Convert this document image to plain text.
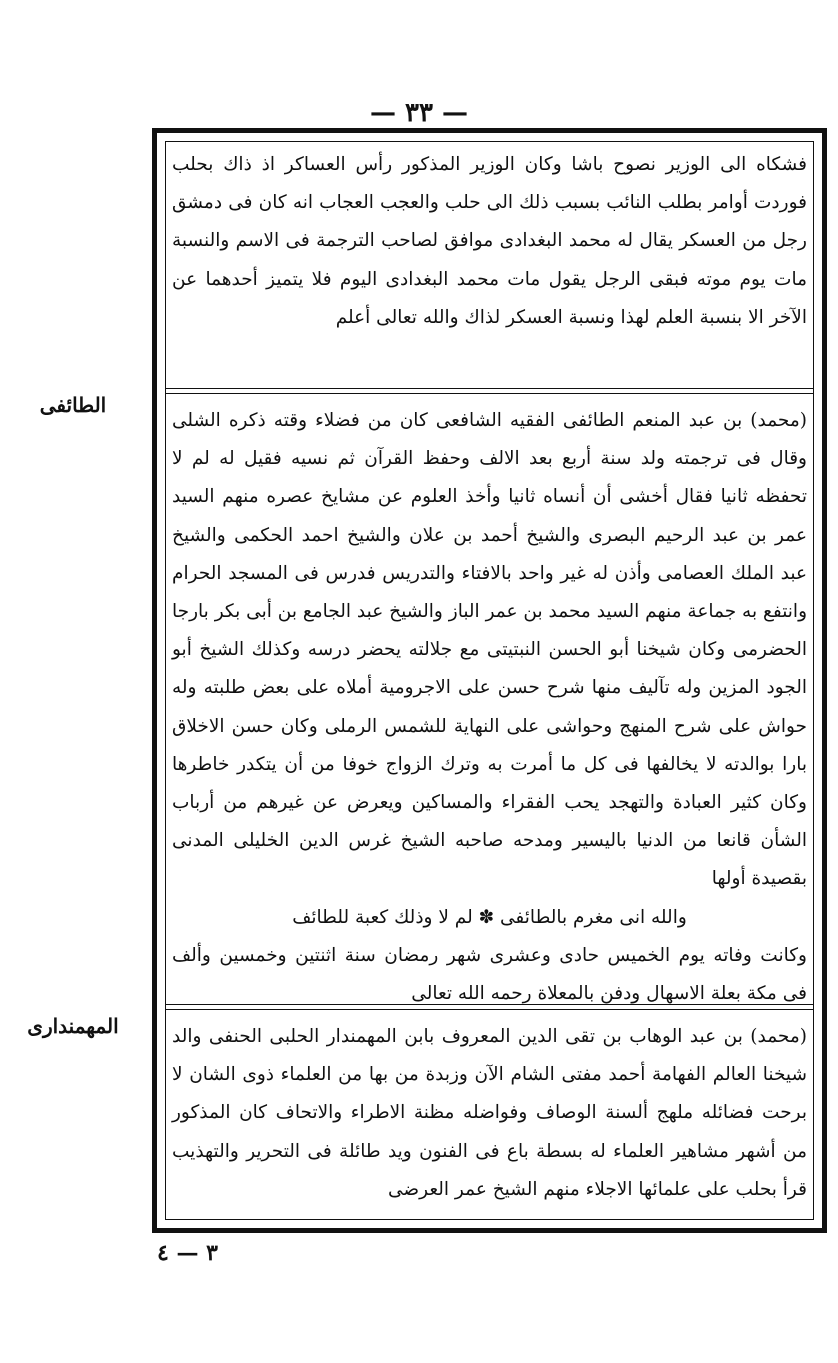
— ٣٣ —

فشكاه الى الوزير نصوح باشا وكان الوزير المذكور رأس العساكر اذ ذاك بحلب فوردت أوامر بطلب النائب بسبب ذلك الى حلب والعجب العجاب انه كان فى دمشق رجل من العسكر يقال له محمد البغدادى موافق لصاحب الترجمة فى الاسم والنسبة مات يوم موته فبقى الرجل يقول مات محمد البغدادى اليوم فلا يتميز أحدهما عن الآخر الا بنسبة العلم لهذا ونسبة العسكر لذاك والله تعالى أعلم

(محمد) بن عبد المنعم الطائفى الفقيه الشافعى كان من فضلاء وقته ذكره الشلى وقال فى ترجمته ولد سنة أربع بعد الالف وحفظ القرآن ثم نسيه فقيل له لم لا تحفظه ثانيا فقال أخشى أن أنساه ثانيا وأخذ العلوم عن مشايخ عصره منهم السيد عمر بن عبد الرحيم البصرى والشيخ أحمد بن علان والشيخ احمد الحكمى والشيخ عبد الملك العصامى وأذن له غير واحد بالافتاء والتدريس فدرس فى المسجد الحرام وانتفع به جماعة منهم السيد محمد بن عمر الباز والشيخ عبد الجامع بن أبى بكر بارجا الحضرمى وكان شيخنا أبو الحسن النبتيتى مع جلالته يحضر درسه وكذلك الشيخ أبو الجود المزين وله تآليف منها شرح حسن على الاجرومية أملاه على بعض طلبته وله حواش على شرح المنهج وحواشى على النهاية للشمس الرملى وكان حسن الاخلاق بارا بوالدته لا يخالفها فى كل ما أمرت به وترك الزواج خوفا من أن يتكدر خاطرها وكان كثير العبادة والتهجد يحب الفقراء والمساكين ويعرض عن غيرهم من أرباب الشأن قانعا من الدنيا باليسير ومدحه صاحبه الشيخ غرس الدين الخليلى المدنى بقصيدة أولها

والله انى مغرم بالطائفى ✽ لم لا وذلك كعبة للطائف

وكانت وفاته يوم الخميس حادى وعشرى شهر رمضان سنة اثنتين وخمسين وألف فى مكة بعلة الاسهال ودفن بالمعلاة رحمه الله تعالى

(محمد) بن عبد الوهاب بن تقى الدين المعروف بابن المهمندار الحلبى الحنفى والد شيخنا العالم الفهامة أحمد مفتى الشام الآن وزبدة من بها من العلماء ذوى الشان لا برحت فضائله ملهج ألسنة الوصاف وفواضله مظنة الاطراء والاتحاف كان المذكور من أشهر مشاهير العلماء له بسطة باع فى الفنون ويد طائلة فى التحرير والتهذيب قرأ بحلب على علمائها الاجلاء منهم الشيخ عمر العرضى

الطائفى
المهمندارى
٣ — ٤
